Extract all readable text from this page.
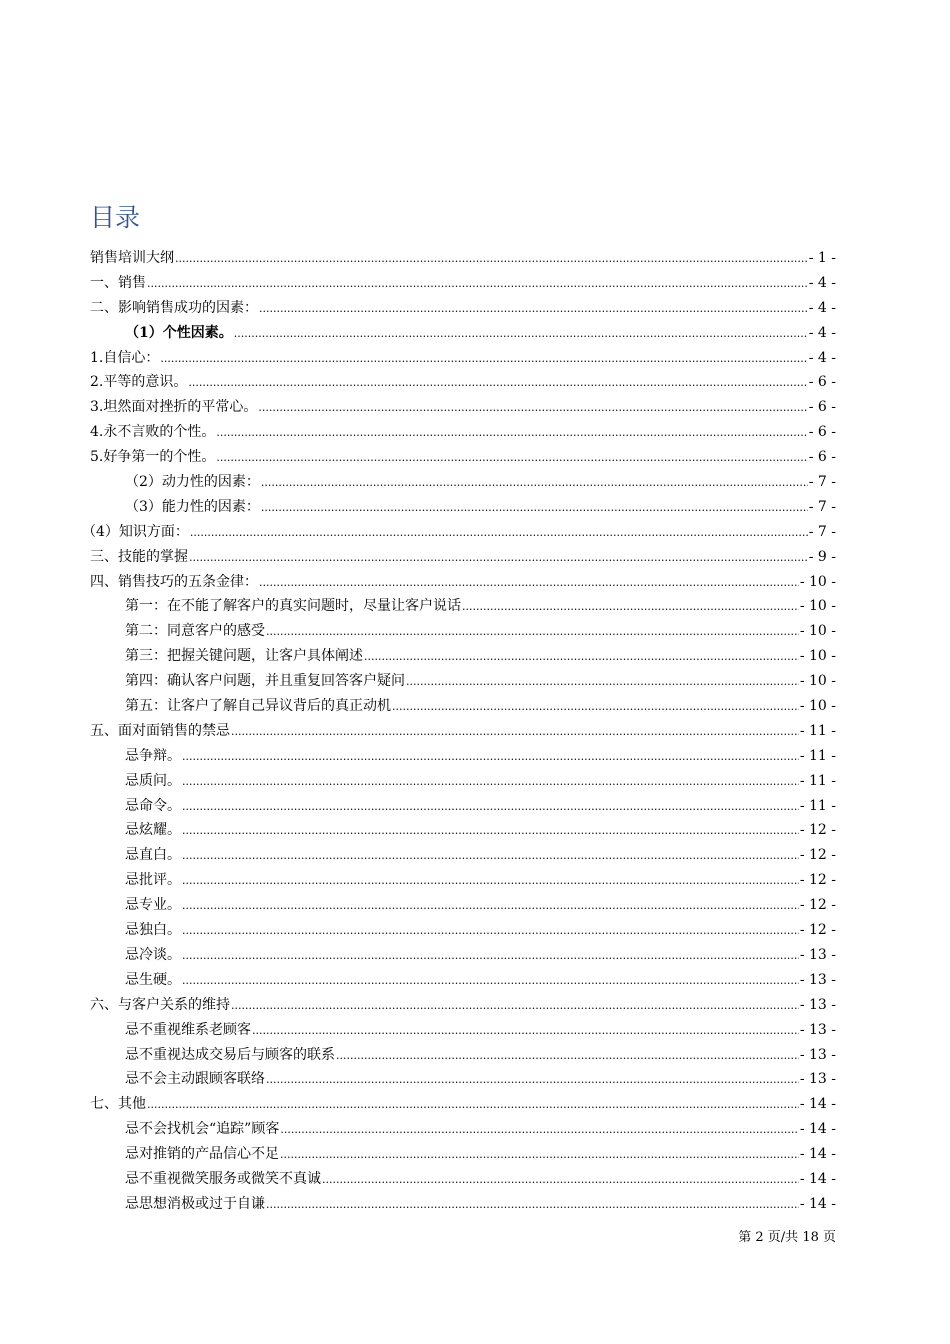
目录
销售培训大纲 .....	- 1 -
一、销售 .....	- 4 -
二、影响销售成功的因素： .....	- 4 -
（1）个性因素。 .....	- 4 -
1.自信心： .....	- 4 -
2.平等的意识。 .....	- 6 -
3.坦然面对挫折的平常心。 .....	- 6 -
4.永不言败的个性。 .....	- 6 -
5.好争第一的个性。 .....	- 6 -
（2）动力性的因素： .....	- 7 -
（3）能力性的因素： .....	- 7 -
（4）知识方面： .....	- 7 -
三、技能的掌握 .....	- 9 -
四、销售技巧的五条金律： .....	- 10 -
第一：在不能了解客户的真实问题时，尽量让客户说话 .....	- 10 -
第二：同意客户的感受 .....	- 10 -
第三：把握关键问题，让客户具体阐述 .....	- 10 -
第四：确认客户问题，并且重复回答客户疑问 .....	- 10 -
第五：让客户了解自己异议背后的真正动机 .....	- 10 -
五、面对面销售的禁忌 .....	- 11 -
忌争辩。 .....	- 11 -
忌质问。 .....	- 11 -
忌命令。 .....	- 11 -
忌炫耀。 .....	- 12 -
忌直白。 .....	- 12 -
忌批评。 .....	- 12 -
忌专业。 .....	- 12 -
忌独白。 .....	- 12 -
忌冷谈。 .....	- 13 -
忌生硬。 .....	- 13 -
六、与客户关系的维持 .....	- 13 -
忌不重视维系老顾客 .....	- 13 -
忌不重视达成交易后与顾客的联系 .....	- 13 -
忌不会主动跟顾客联络 .....	- 13 -
七、其他 .....	- 14 -
忌不会找机会“追踪”顾客 .....	- 14 -
忌对推销的产品信心不足 .....	- 14 -
忌不重视微笑服务或微笑不真诚 .....	- 14 -
忌思想消极或过于自谦 .....	- 14 -
第 2 页/共 18 页
